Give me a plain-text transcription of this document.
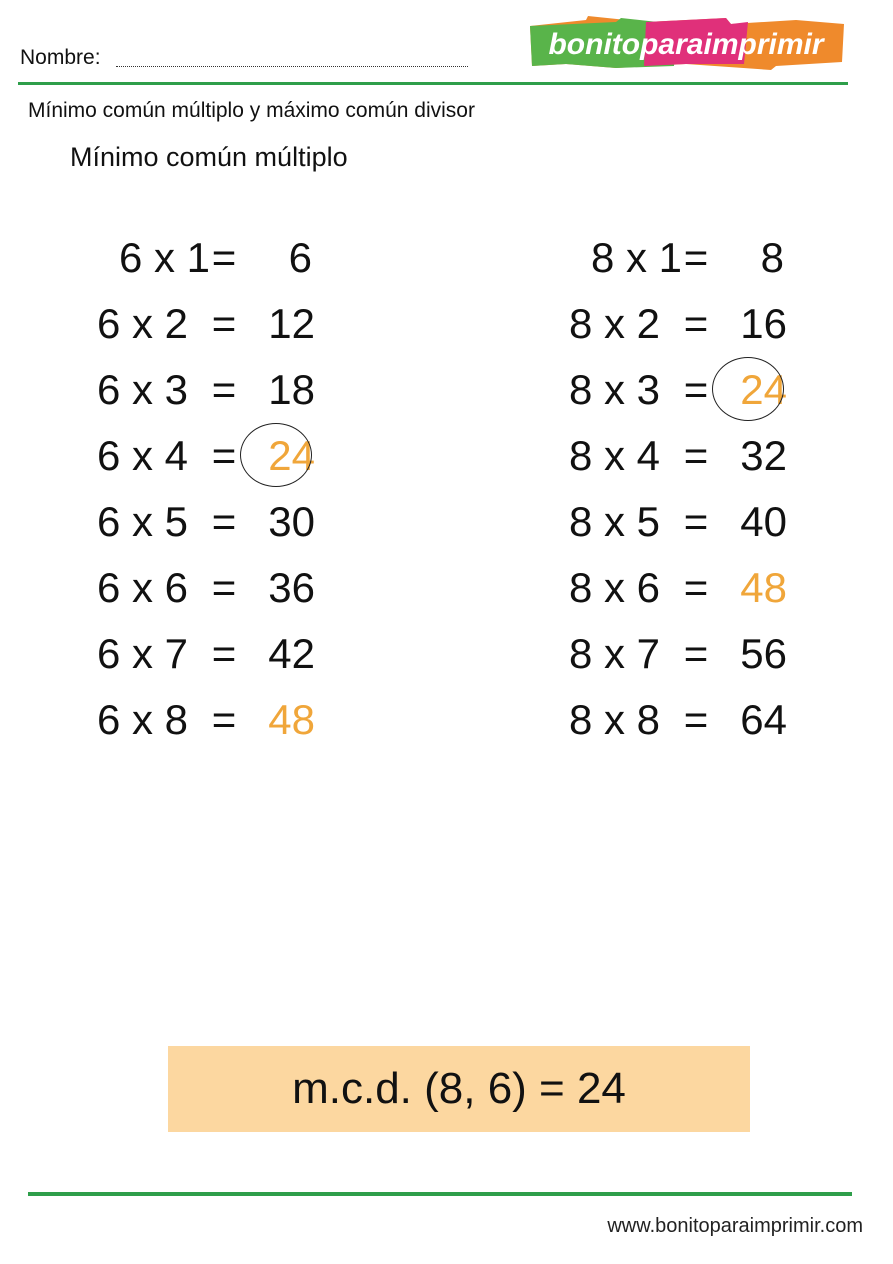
Nombre:	bonitoparaimprimir
Mínimo común múltiplo y máximo común divisor
Mínimo común múltiplo
6 x 1 =	6
6 x 2 = 12
6 x 3 = 18
6 x 4 = 24
6 x 5 = 30
6 x 6 = 36
6 x 7 = 42
6 x 8 = 48
8 x 1 =	8
8 x 2 = 16
8 x 3 = 24
8 x 4 = 32
8 x 5 = 40
8 x 6 = 48
8 x 7 = 56
8 x 8 = 64
m.c.d. (8, 6) = 24
www.bonitoparaimprimir.com
